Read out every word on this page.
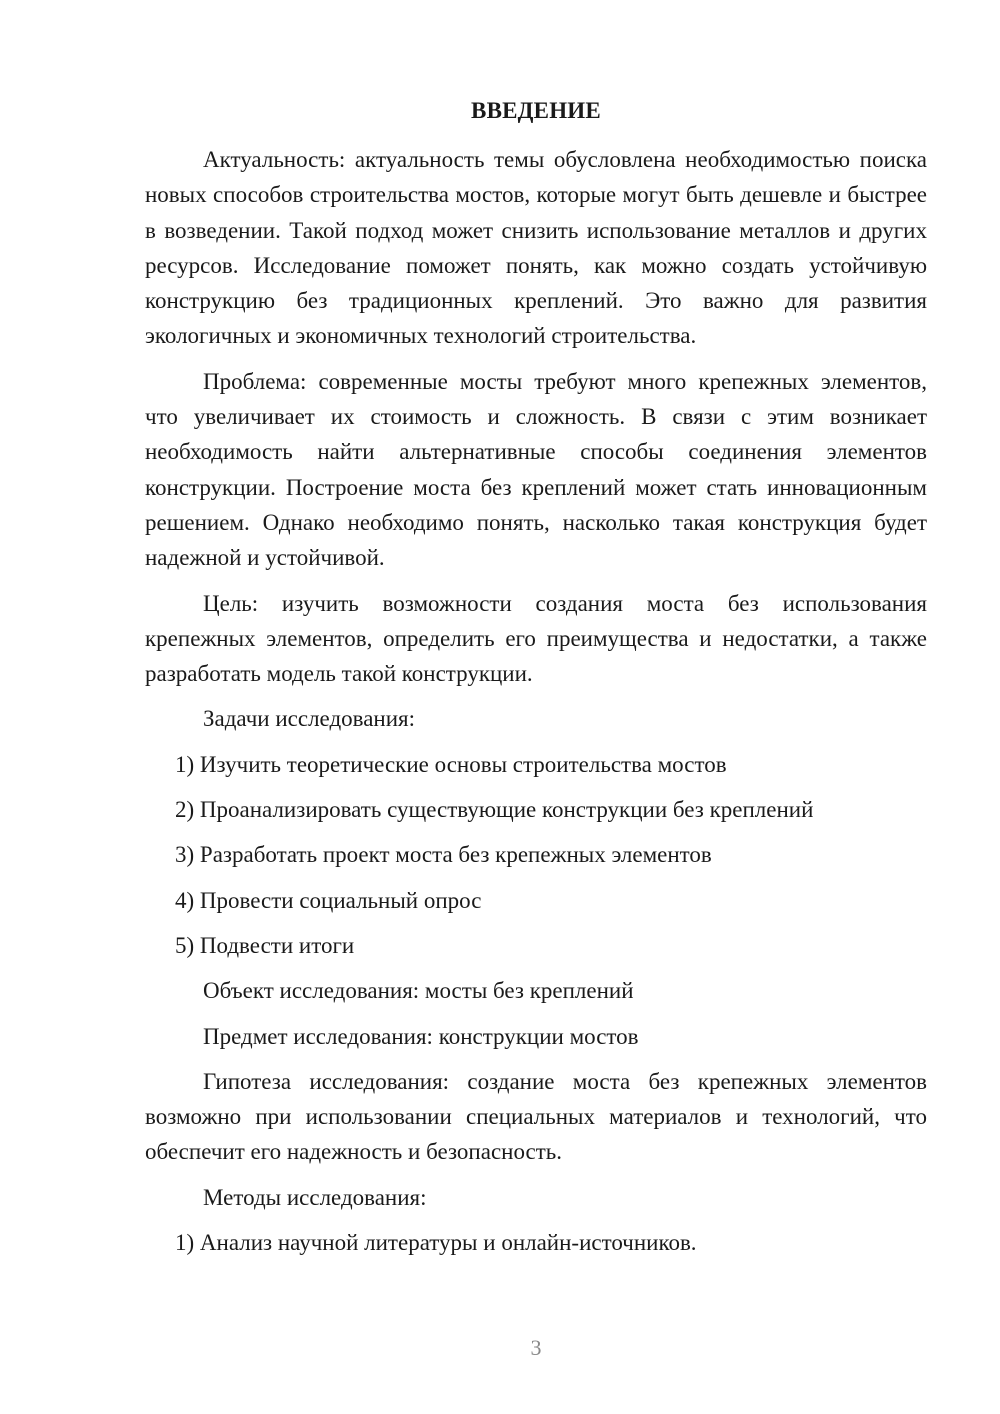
ВВЕДЕНИЕ

Актуальность: актуальность темы обусловлена необходимостью поиска новых способов строительства мостов, которые могут быть дешевле и быстрее в возведении. Такой подход может снизить использование металлов и других ресурсов. Исследование поможет понять, как можно создать устойчивую конструкцию без традиционных креплений. Это важно для развития экологичных и экономичных технологий строительства.

Проблема: современные мосты требуют много крепежных элементов, что увеличивает их стоимость и сложность. В связи с этим возникает необходимость найти альтернативные способы соединения элементов конструкции. Построение моста без креплений может стать инновационным решением. Однако необходимо понять, насколько такая конструкция будет надежной и устойчивой.

Цель: изучить возможности создания моста без использования крепежных элементов, определить его преимущества и недостатки, а также разработать модель такой конструкции.

Задачи исследования:

1) Изучить теоретические основы строительства мостов

2) Проанализировать существующие конструкции без креплений

3) Разработать проект моста без крепежных элементов

4) Провести социальный опрос

5) Подвести итоги

Объект исследования: мосты без креплений

Предмет исследования: конструкции мостов

Гипотеза исследования: создание моста без крепежных элементов возможно при использовании специальных материалов и технологий, что обеспечит его надежность и безопасность.

Методы исследования:

1) Анализ научной литературы и онлайн-источников.

3
